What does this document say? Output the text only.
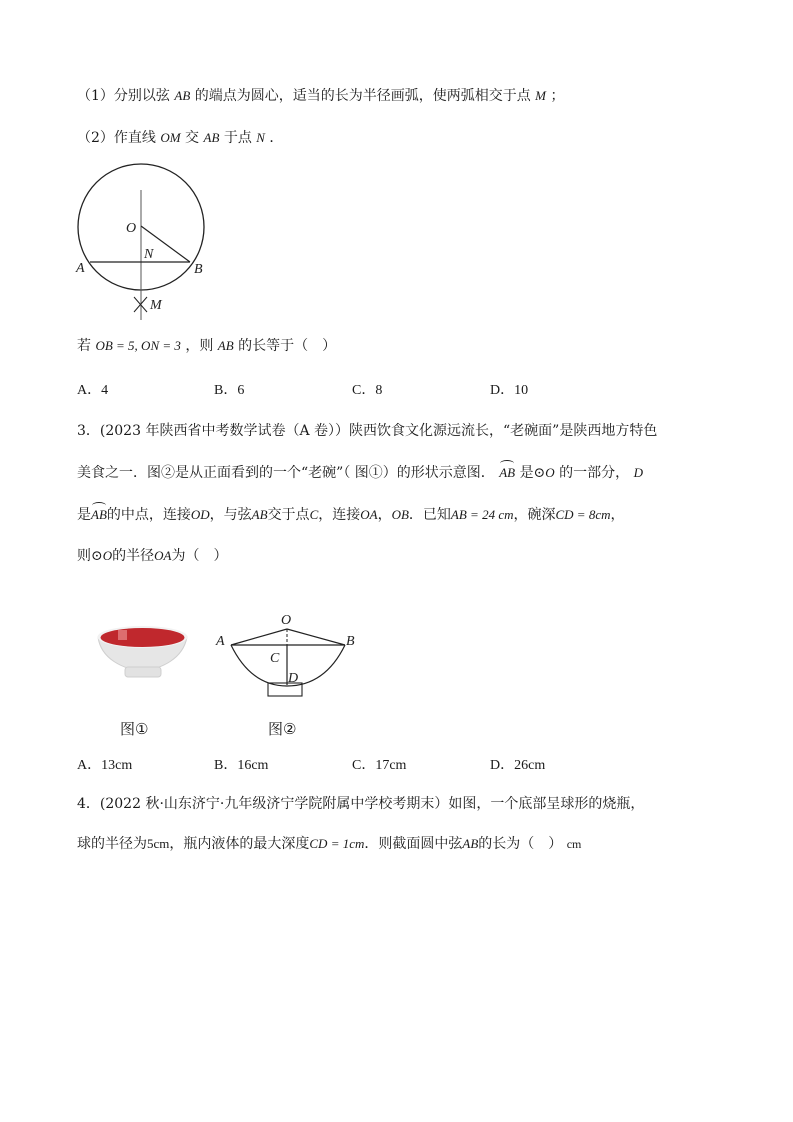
（1）分别以弦 AB 的端点为圆心，适当的长为半径画弧，使两弧相交于点 M ；
（2）作直线 OM 交 AB 于点 N ．
O
N
A	B
M
若 OB = 5, ON = 3 ，则 AB 的长等于（　）
A．4	B．6	C．8	D．10
3．(2023 年陕西省中考数学试卷（A 卷））陕西饮食文化源远流长，“老碗面”是陕西地方特色
美食之一．图②是从正面看到的一个“老碗”（ 图①）的形状示意图． AB 是⊙O 的一部分， D
是AB的中点，连接OD，与弦AB交于点C，连接OA，OB．已知AB = 24 cm，碗深CD = 8cm，
则⊙O的半径OA为（　）
O
A	B
C
D
图①	图②
A．13cm	B．16cm	C．17cm	D．26cm
4．(2022 秋·山东济宁·九年级济宁学院附属中学校考期末）如图，一个底部呈球形的烧瓶，
球的半径为5cm，瓶内液体的最大深度CD = 1cm．则截面圆中弦AB的长为（　） cm
